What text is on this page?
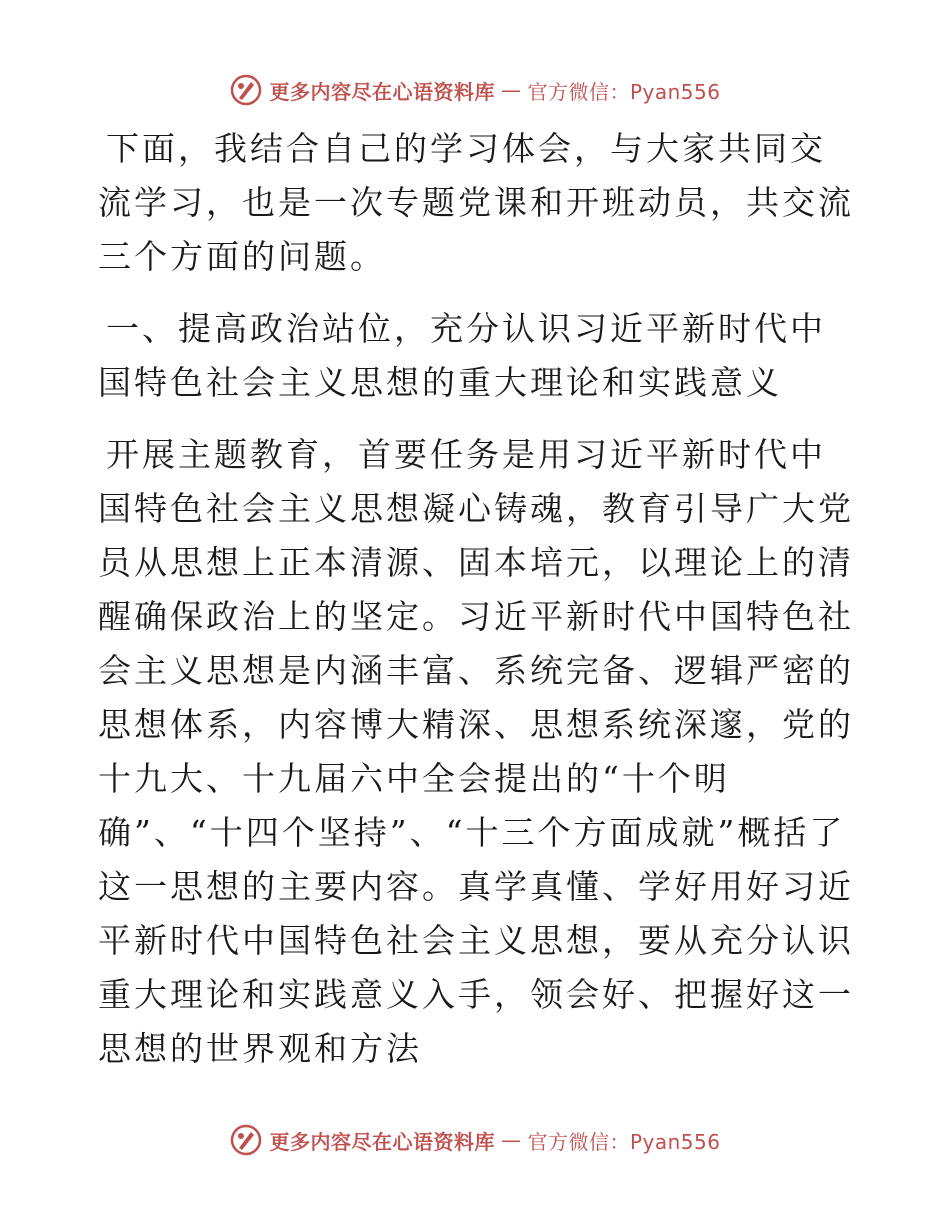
更多内容尽在心语资料库 — 官方微信：Pyan556

下面，我结合自己的学习体会，与大家共同交流学习，也是一次专题党课和开班动员，共交流三个方面的问题。

一、提高政治站位，充分认识习近平新时代中国特色社会主义思想的重大理论和实践意义

开展主题教育，首要任务是用习近平新时代中国特色社会主义思想凝心铸魂，教育引导广大党员从思想上正本清源、固本培元，以理论上的清醒确保政治上的坚定。习近平新时代中国特色社会主义思想是内涵丰富、系统完备、逻辑严密的思想体系，内容博大精深、思想系统深邃，党的十九大、十九届六中全会提出的“十个明确”、“十四个坚持”、“十三个方面成就”概括了这一思想的主要内容。真学真懂、学好用好习近平新时代中国特色社会主义思想，要从充分认识重大理论和实践意义入手，领会好、把握好这一思想的世界观和方法

更多内容尽在心语资料库 — 官方微信：Pyan556
